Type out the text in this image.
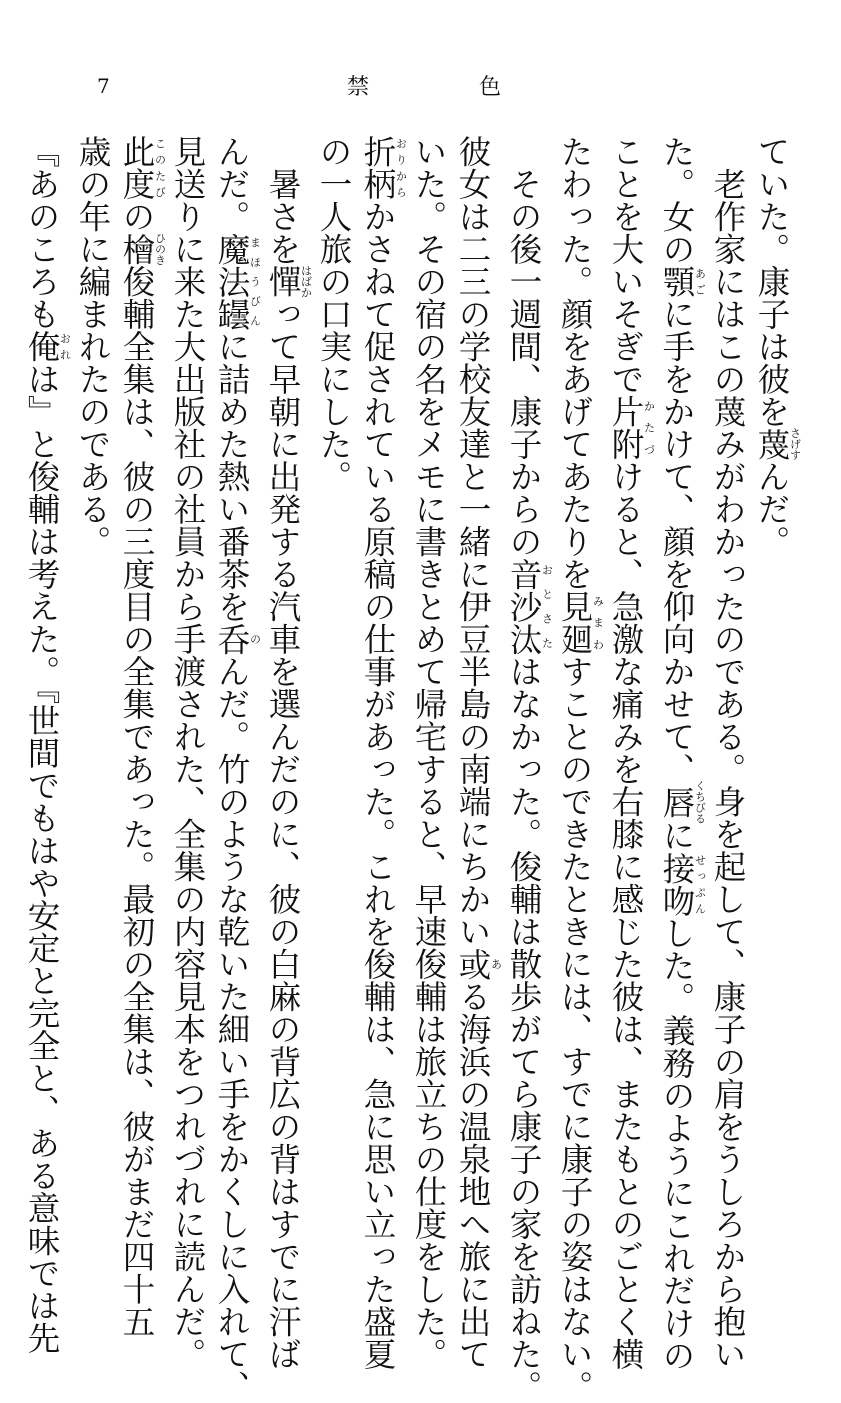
7	禁	色

ていた。康子は彼を蔑さげすんだ。

　老作家にはこの蔑みがわかったのである。身を起して、康子の肩をうしろから抱い

た。女の顎あごに手をかけて、顔を仰向かせて、唇くちびるに接吻せっぷんした。義務のようにこれだけの

ことを大いそぎで片附かたづけると、急激な痛みを右膝に感じた彼は、またもとのごとく横

たわった。顔をあげてあたりを見廻みまわすことのできたときには、すでに康子の姿はない。

　その後一週間、康子からの音沙汰おとさたはなかった。俊輔は散歩がてら康子の家を訪ねた。

彼女は二三の学校友達と一緒に伊豆半島の南端にちかい或ある海浜の温泉地へ旅に出て

いた。その宿の名をメモに書きとめて帰宅すると、早速俊輔は旅立ちの仕度をした。

折柄おりからかさねて促されている原稿の仕事があった。これを俊輔は、急に思い立った盛夏

の一人旅の口実にした。

　暑さを憚はばかって早朝に出発する汽車を選んだのに、彼の白麻の背広の背はすでに汗ば

んだ。魔法罎まほうびんに詰めた熱い番茶を呑のんだ。竹のような乾いた細い手をかくしに入れて、

見送りに来た大出版社の社員から手渡された、全集の内容見本をつれづれに読んだ。

此度このたびの檜ひのき俊輔全集は、彼の三度目の全集であった。最初の全集は、彼がまだ四十五

歳の年に編まれたのである。

『あのころも俺おれは』と俊輔は考えた。『世間でもはや安定と完全と、ある意味では先
